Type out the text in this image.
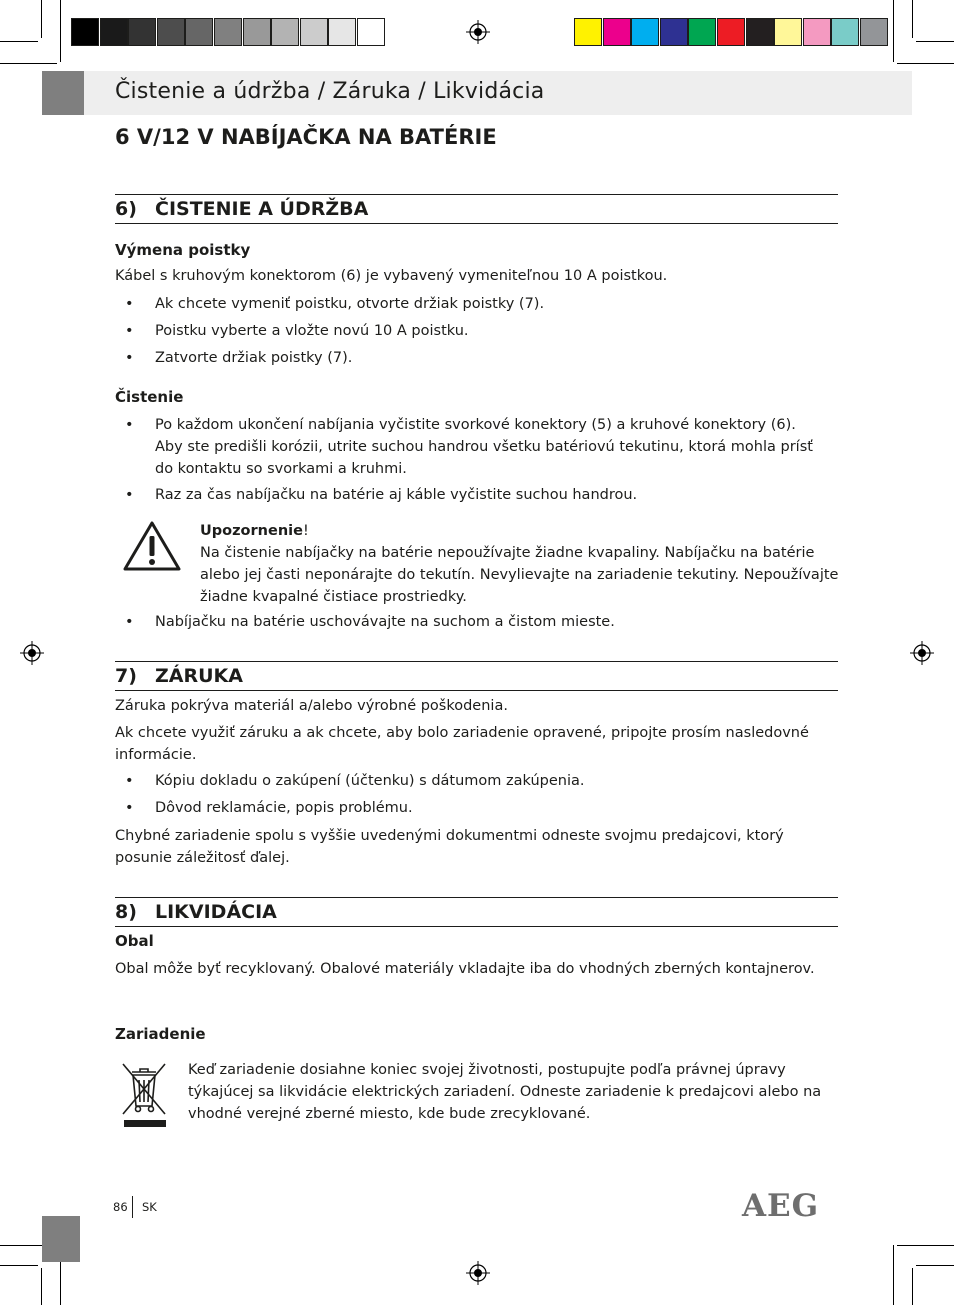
Čistenie a údržba / Záruka / Likvidácia
6 V/12 V NABÍJAČKA NA BATÉRIE
6) ČISTENIE A ÚDRŽBA
Výmena poistky
Kábel s kruhovým konektorom (6) je vybavený vymeniteľnou 10 A poistkou.
• Ak chcete vymeniť poistku, otvorte držiak poistky (7).
• Poistku vyberte a vložte novú 10 A poistku.
• Zatvorte držiak poistky (7).
Čistenie
• Po každom ukončení nabíjania vyčistite svorkové konektory (5) a kruhové konektory (6).
Aby ste predišli korózii, utrite suchou handrou všetku batériovú tekutinu, ktorá mohla prísť
do kontaktu so svorkami a kruhmi.
• Raz za čas nabíjačku na batérie aj káble vyčistite suchou handrou.
Upozornenie!
Na čistenie nabíjačky na batérie nepoužívajte žiadne kvapaliny. Nabíjačku na batérie
alebo jej časti neponárajte do tekutín. Nevylievajte na zariadenie tekutiny. Nepoužívajte
žiadne kvapalné čistiace prostriedky.
• Nabíjačku na batérie uschovávajte na suchom a čistom mieste.
7) ZÁRUKA
Záruka pokrýva materiál a/alebo výrobné poškodenia.
Ak chcete využiť záruku a ak chcete, aby bolo zariadenie opravené, pripojte prosím nasledovné
informácie.
• Kópiu dokladu o zakúpení (účtenku) s dátumom zakúpenia.
• Dôvod reklamácie, popis problému.
Chybné zariadenie spolu s vyššie uvedenými dokumentmi odneste svojmu predajcovi, ktorý
posunie záležitosť ďalej.
8) LIKVIDÁCIA
Obal
Obal môže byť recyklovaný. Obalové materiály vkladajte iba do vhodných zberných kontajnerov.
Zariadenie
Keď zariadenie dosiahne koniec svojej životnosti, postupujte podľa právnej úpravy
týkajúcej sa likvidácie elektrických zariadení. Odneste zariadenie k predajcovi alebo na
vhodné verejné zberné miesto, kde bude zrecyklované.
86 SK	AEG
